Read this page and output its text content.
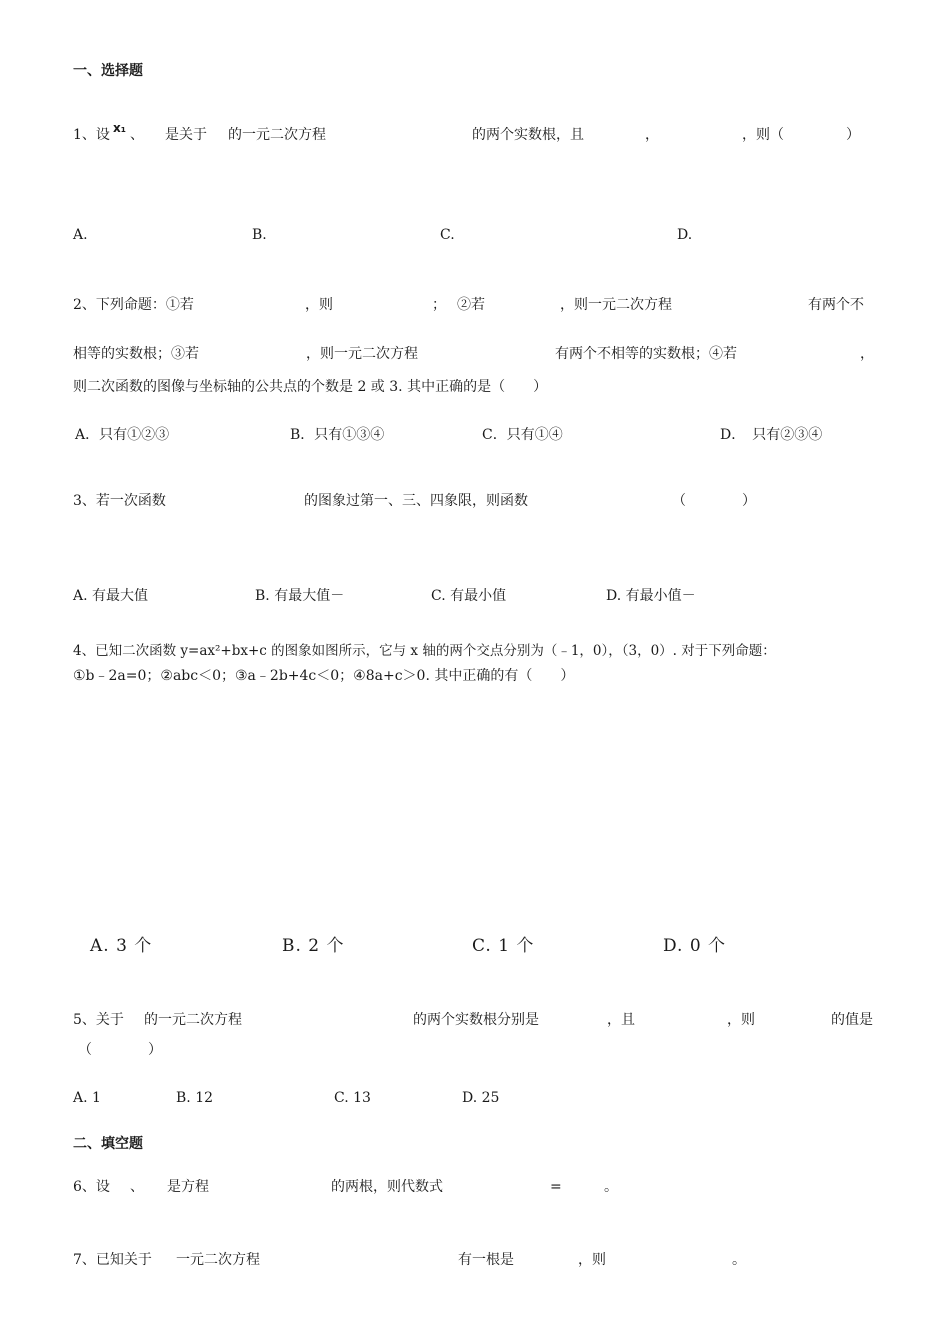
一、选择题
1、设 x₁ 、 是关于 的一元二次方程	的两个实数根，且	，	，则（	）
A.	B.	C.	D.
2、下列命题：①若	，则	； ②若	，则一元二次方程	有两个不
相等的实数根；③若	，则一元二次方程	有两个不相等的实数根；④若	，
则二次函数的图像与坐标轴的公共点的个数是 2 或 3. 其中正确的是（　　）
A．只有①②③	B．只有①③④	C．只有①④	D．　只有②③④
3、若一次函数	的图象过第一、三、四象限，则函数	（　　　　）
A. 有最大值	B. 有最大值－	C. 有最小值	D. 有最小值－
4、已知二次函数 y=ax²+bx+c 的图象如图所示，它与 x 轴的两个交点分别为（﹣1，0），（3，0）. 对于下列命题：
①b﹣2a=0；②abc＜0；③a﹣2b+4c＜0；④8a+c＞0. 其中正确的有（　　）
A. 3 个	B. 2 个	C. 1 个	D. 0 个
5、关于 的一元二次方程	的两个实数根分别是	，且	，则	的值是
（　　　　）
A. 1	B. 12	C. 13	D. 25
二、填空题
6、设 、 是方程	的两根，则代数式	=	。
7、已知关于 一元二次方程	有一根是	，则	。
